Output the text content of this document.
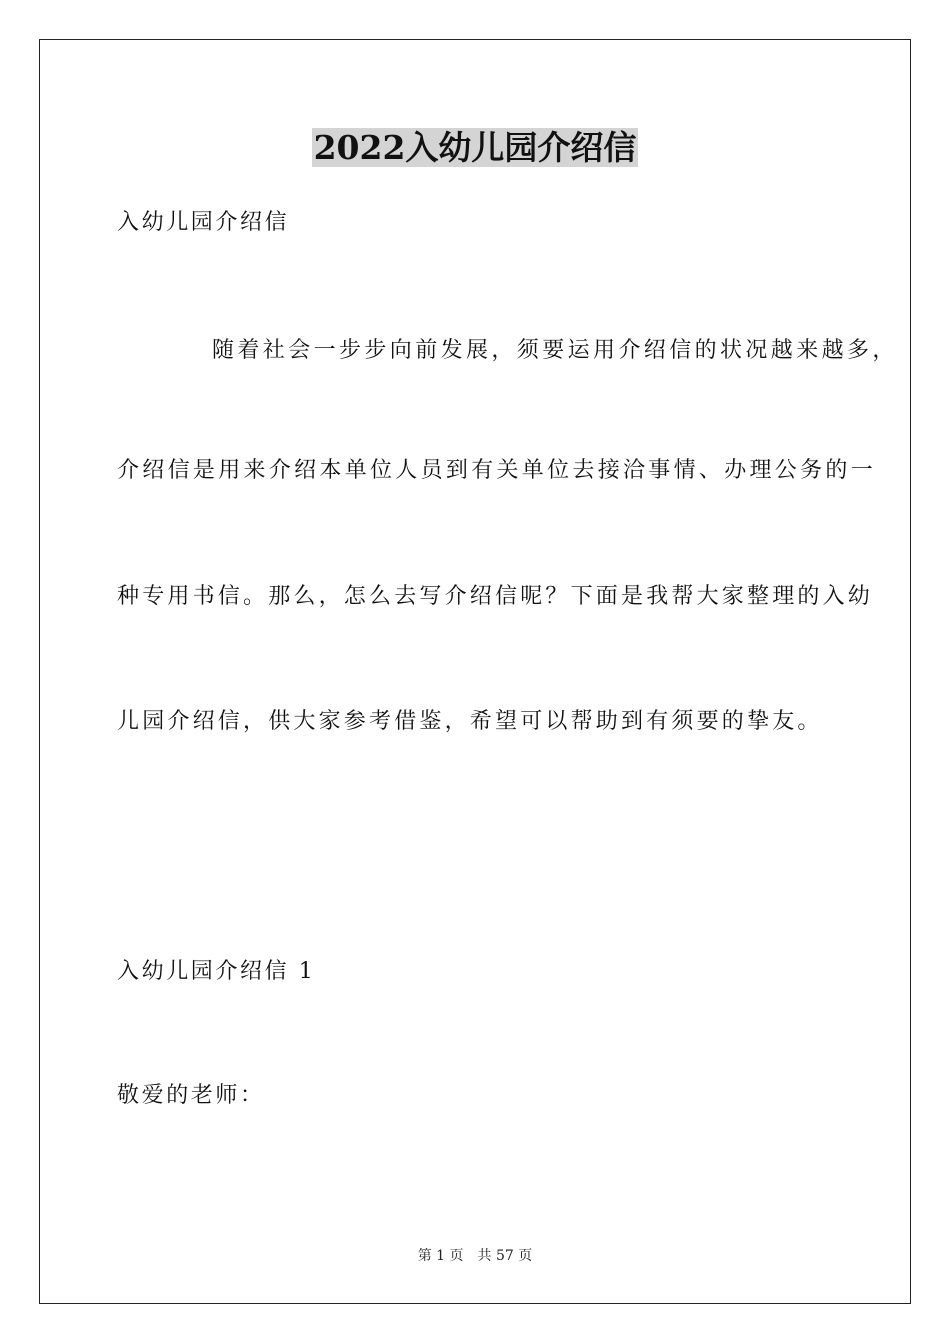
2022入幼儿园介绍信

入幼儿园介绍信

随着社会一步步向前发展，须要运用介绍信的状况越来越多，

介绍信是用来介绍本单位人员到有关单位去接洽事情、办理公务的一

种专用书信。那么，怎么去写介绍信呢？下面是我帮大家整理的入幼

儿园介绍信，供大家参考借鉴，希望可以帮助到有须要的挚友。

入幼儿园介绍信 1

敬爱的老师：

第 1 页 共 57 页
